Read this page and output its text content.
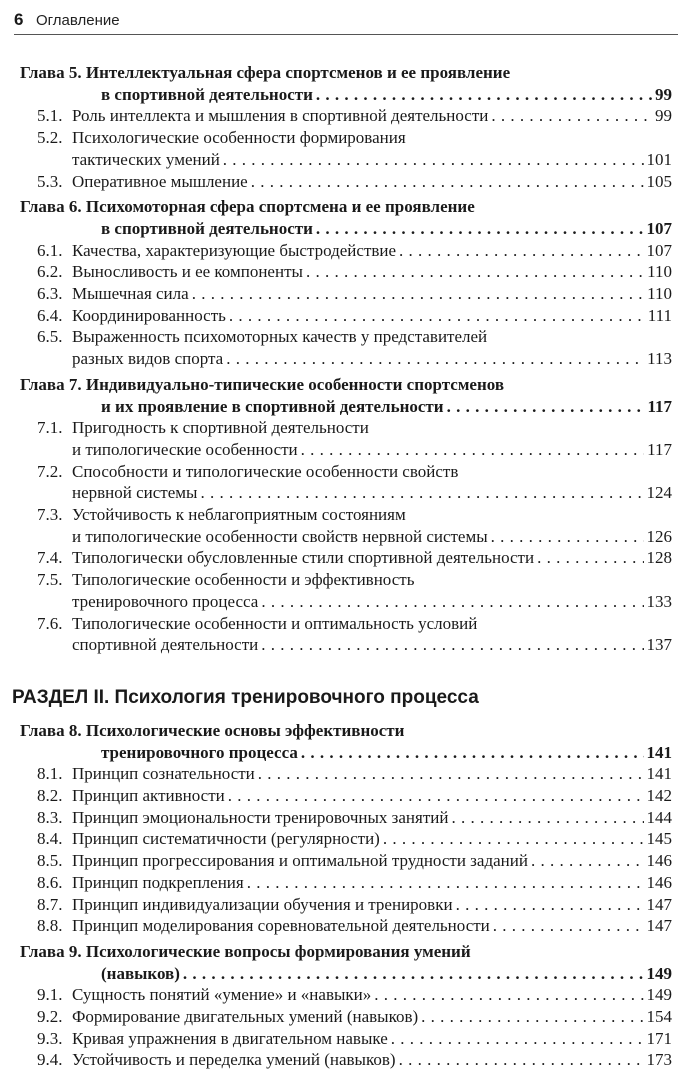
6 Оглавление
Глава 5. Интеллектуальная сфера спортсменов и ее проявление
в спортивной деятельности . . .	99
5.1. Роль интеллекта и мышления в спортивной деятельности . . .	99
5.2. Психологические особенности формирования
тактических умений . . .	101
5.3. Оперативное мышление . . .	105
Глава 6. Психомоторная сфера спортсмена и ее проявление
в спортивной деятельности . . .	107
6.1. Качества, характеризующие быстродействие . . .	107
6.2. Выносливость и ее компоненты . . .	110
6.3. Мышечная сила . . .	110
6.4. Координированность . . .	111
6.5. Выраженность психомоторных качеств у представителей
разных видов спорта . . .	113
Глава 7. Индивидуально-типические особенности спортсменов
и их проявление в спортивной деятельности . . .	117
7.1. Пригодность к спортивной деятельности
и типологические особенности . . .	117
7.2. Способности и типологические особенности свойств
нервной системы . . .	124
7.3. Устойчивость к неблагоприятным состояниям
и типологические особенности свойств нервной системы . . .	126
7.4. Типологически обусловленные стили спортивной деятельности . . .	128
7.5. Типологические особенности и эффективность
тренировочного процесса . . .	133
7.6. Типологические особенности и оптимальность условий
спортивной деятельности . . .	137
РАЗДЕЛ II. Психология тренировочного процесса
Глава 8. Психологические основы эффективности
тренировочного процесса . . .	141
8.1. Принцип сознательности . . .	141
8.2. Принцип активности . . .	142
8.3. Принцип эмоциональности тренировочных занятий . . .	144
8.4. Принцип систематичности (регулярности) . . .	145
8.5. Принцип прогрессирования и оптимальной трудности заданий . . .	146
8.6. Принцип подкрепления . . .	146
8.7. Принцип индивидуализации обучения и тренировки . . .	147
8.8. Принцип моделирования соревновательной деятельности . . .	147
Глава 9. Психологические вопросы формирования умений
(навыков) . . .	149
9.1. Сущность понятий «умение» и «навыки» . . .	149
9.2. Формирование двигательных умений (навыков) . . .	154
9.3. Кривая упражнения в двигательном навыке . . .	171
9.4. Устойчивость и переделка умений (навыков) . . .	173
